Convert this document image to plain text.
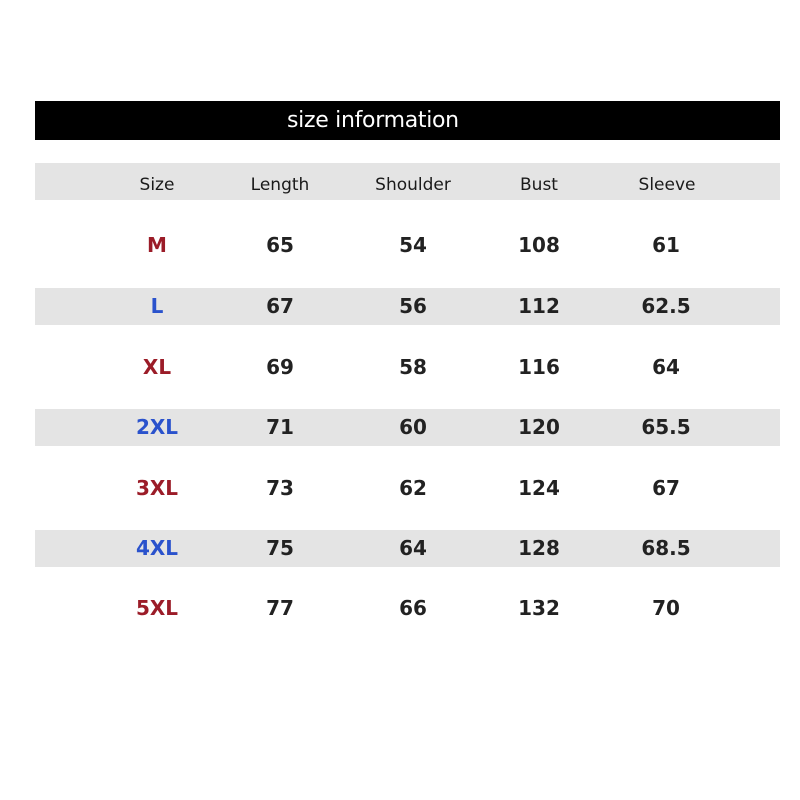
size information
Size	Length	Shoulder	Bust	Sleeve
M	65	54	108	61
L	67	56	112	62.5
XL	69	58	116	64
2XL	71	60	120	65.5
3XL	73	62	124	67
4XL	75	64	128	68.5
5XL	77	66	132	70
